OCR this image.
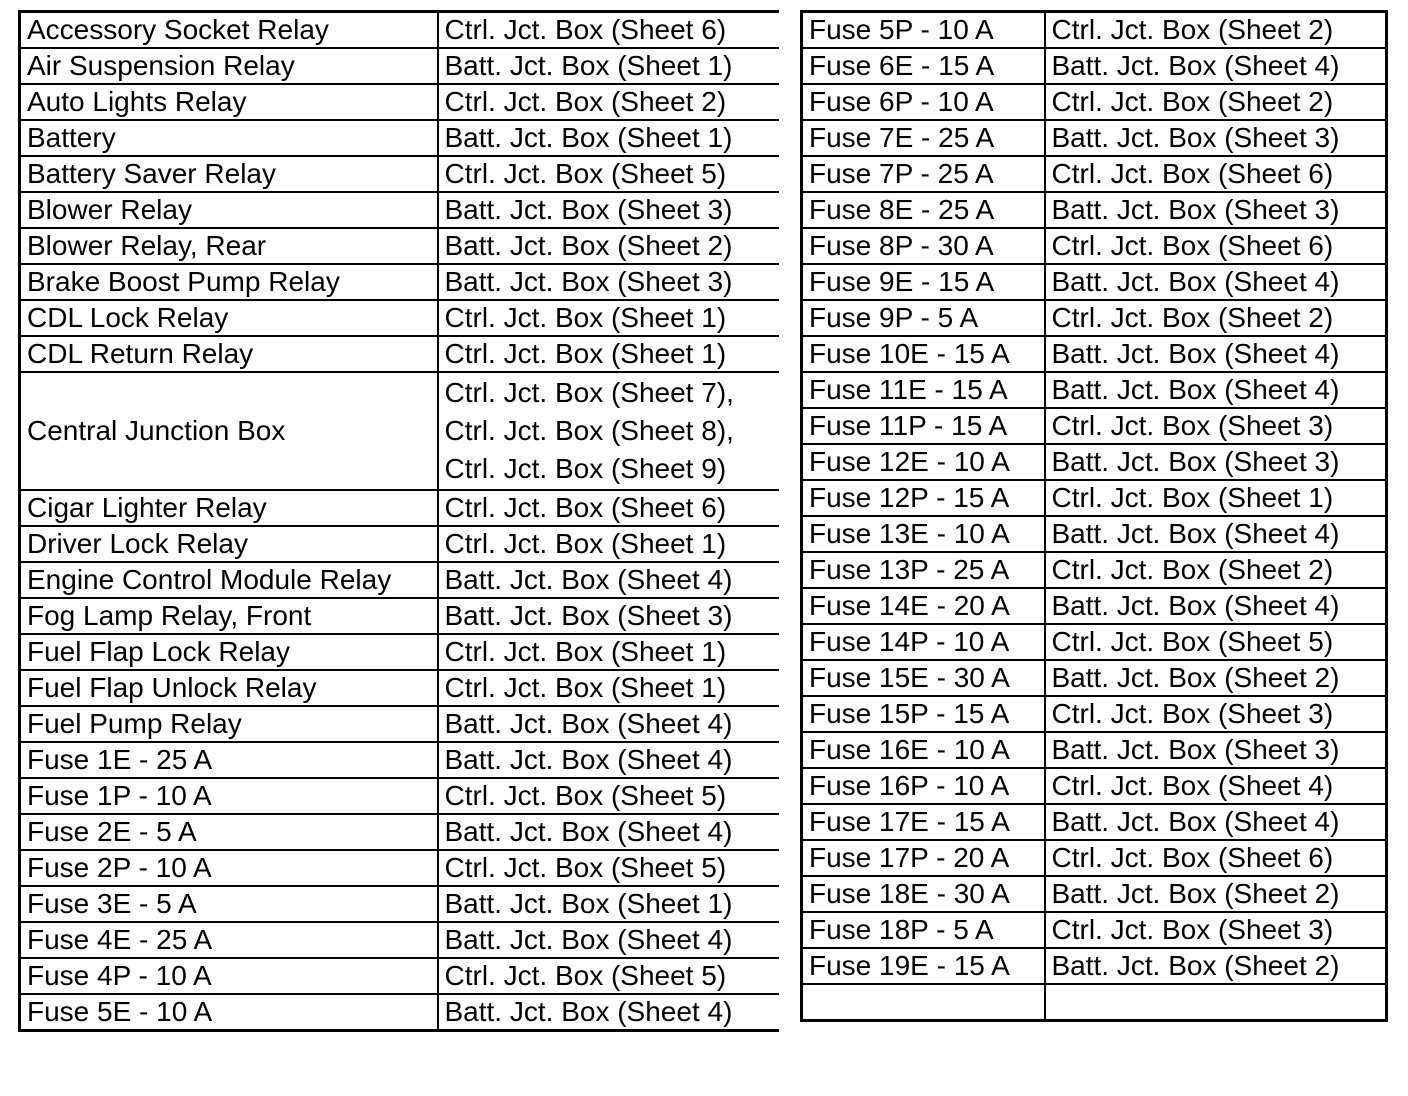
Accessory Socket Relay	Ctrl. Jct. Box (Sheet 6)
Air Suspension Relay	Batt. Jct. Box (Sheet 1)
Auto Lights Relay	Ctrl. Jct. Box (Sheet 2)
Battery	Batt. Jct. Box (Sheet 1)
Battery Saver Relay	Ctrl. Jct. Box (Sheet 5)
Blower Relay	Batt. Jct. Box (Sheet 3)
Blower Relay, Rear	Batt. Jct. Box (Sheet 2)
Brake Boost Pump Relay	Batt. Jct. Box (Sheet 3)
CDL Lock Relay	Ctrl. Jct. Box (Sheet 1)
CDL Return Relay	Ctrl. Jct. Box (Sheet 1)
Central Junction Box	Ctrl. Jct. Box (Sheet 7),
Ctrl. Jct. Box (Sheet 8),
Ctrl. Jct. Box (Sheet 9)

Cigar Lighter Relay	Ctrl. Jct. Box (Sheet 6)
Driver Lock Relay	Ctrl. Jct. Box (Sheet 1)
Engine Control Module Relay	Batt. Jct. Box (Sheet 4)
Fog Lamp Relay, Front	Batt. Jct. Box (Sheet 3)
Fuel Flap Lock Relay	Ctrl. Jct. Box (Sheet 1)
Fuel Flap Unlock Relay	Ctrl. Jct. Box (Sheet 1)
Fuel Pump Relay	Batt. Jct. Box (Sheet 4)
Fuse 1E - 25 A	Batt. Jct. Box (Sheet 4)
Fuse 1P - 10 A	Ctrl. Jct. Box (Sheet 5)
Fuse 2E - 5 A	Batt. Jct. Box (Sheet 4)
Fuse 2P - 10 A	Ctrl. Jct. Box (Sheet 5)
Fuse 3E - 5 A	Batt. Jct. Box (Sheet 1)
Fuse 4E - 25 A	Batt. Jct. Box (Sheet 4)
Fuse 4P - 10 A	Ctrl. Jct. Box (Sheet 5)
Fuse 5E - 10 A	Batt. Jct. Box (Sheet 4)
Fuse 5P - 10 A	Ctrl. Jct. Box (Sheet 2)
Fuse 6E - 15 A	Batt. Jct. Box (Sheet 4)
Fuse 6P - 10 A	Ctrl. Jct. Box (Sheet 2)
Fuse 7E - 25 A	Batt. Jct. Box (Sheet 3)
Fuse 7P - 25 A	Ctrl. Jct. Box (Sheet 6)
Fuse 8E - 25 A	Batt. Jct. Box (Sheet 3)
Fuse 8P - 30 A	Ctrl. Jct. Box (Sheet 6)
Fuse 9E - 15 A	Batt. Jct. Box (Sheet 4)
Fuse 9P - 5 A	Ctrl. Jct. Box (Sheet 2)
Fuse 10E - 15 A	Batt. Jct. Box (Sheet 4)
Fuse 11E - 15 A	Batt. Jct. Box (Sheet 4)
Fuse 11P - 15 A	Ctrl. Jct. Box (Sheet 3)
Fuse 12E - 10 A	Batt. Jct. Box (Sheet 3)
Fuse 12P - 15 A	Ctrl. Jct. Box (Sheet 1)
Fuse 13E - 10 A	Batt. Jct. Box (Sheet 4)
Fuse 13P - 25 A	Ctrl. Jct. Box (Sheet 2)
Fuse 14E - 20 A	Batt. Jct. Box (Sheet 4)
Fuse 14P - 10 A	Ctrl. Jct. Box (Sheet 5)
Fuse 15E - 30 A	Batt. Jct. Box (Sheet 2)
Fuse 15P - 15 A	Ctrl. Jct. Box (Sheet 3)
Fuse 16E - 10 A	Batt. Jct. Box (Sheet 3)
Fuse 16P - 10 A	Ctrl. Jct. Box (Sheet 4)
Fuse 17E - 15 A	Batt. Jct. Box (Sheet 4)
Fuse 17P - 20 A	Ctrl. Jct. Box (Sheet 6)
Fuse 18E - 30 A	Batt. Jct. Box (Sheet 2)
Fuse 18P - 5 A	Ctrl. Jct. Box (Sheet 3)
Fuse 19E - 15 A	Batt. Jct. Box (Sheet 2)
